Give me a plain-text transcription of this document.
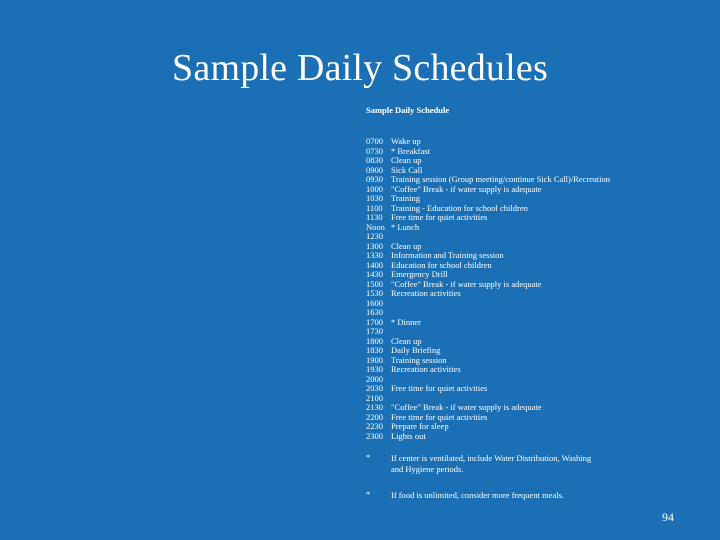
Sample Daily Schedules
Sample Daily Schedule
0700 Wake up
0730 * Breakfast
0830 Clean up
0900 Sick Call
0930 Training session (Group meeting/continue Sick Call)/Recreation
1000 "Coffee" Break - if water supply is adequate
1030 Training
1100 Training - Education for school children
1130 Free time for quiet activities
Noon * Lunch
1230
1300 Clean up
1330 Information and Training session
1400 Education for school children
1430 Emergency Drill
1500 "Coffee" Break - if water supply is adequate
1530 Recreation activities
1600
1630
1700 * Dinner
1730
1800 Clean up
1830 Daily Briefing
1900 Training session
1930 Recreation activities
2000
2030 Free time for quiet activities
2100
2130 "Coffee" Break - if water supply is adequate
2200 Free time for quiet activities
2230 Prepare for sleep
2300 Lights out
*	If center is ventilated, include Water Distribution, Washing and Hygiene periods.
*	If food is unlimited, consider more frequent meals.
94
